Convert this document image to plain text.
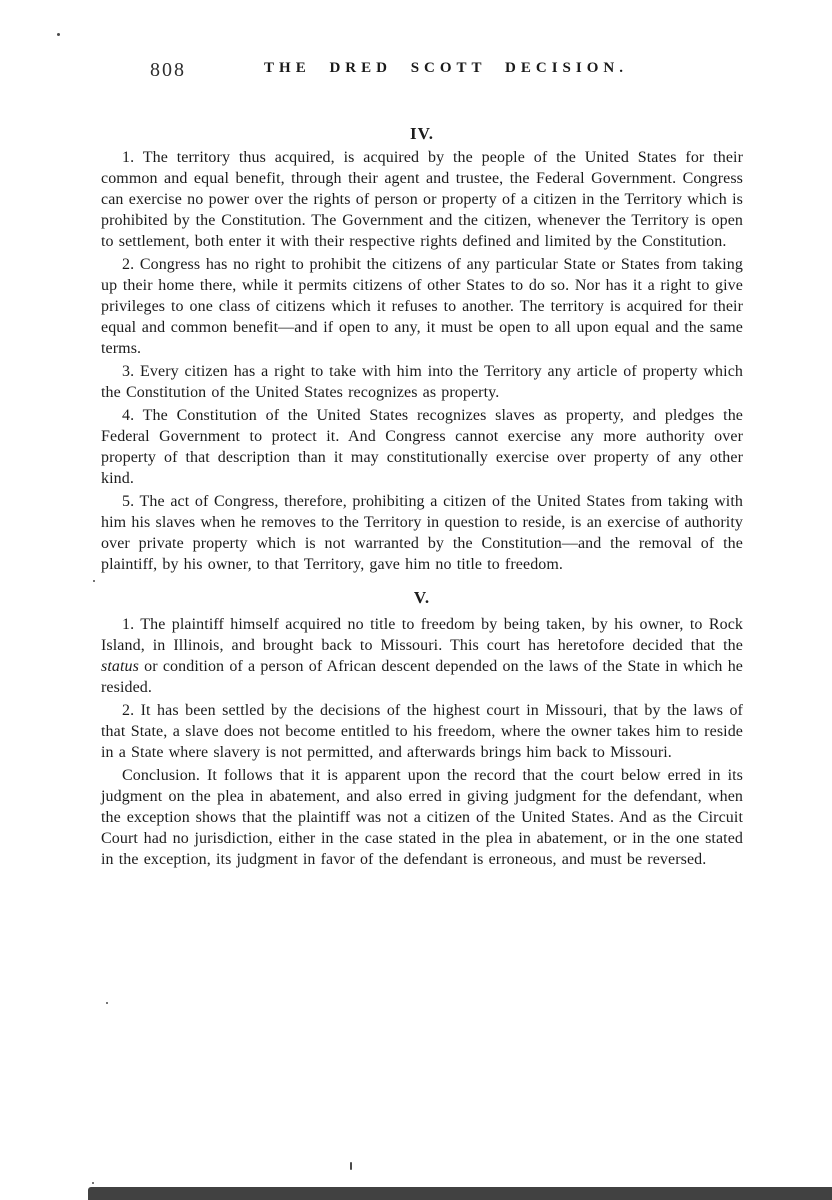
808	THE DRED SCOTT DECISION.
IV.

1. The territory thus acquired, is acquired by the people of the United States for their common and equal benefit, through their agent and trustee, the Federal Government. Congress can exercise no power over the rights of person or property of a citizen in the Territory which is prohibited by the Constitution. The Government and the citizen, whenever the Territory is open to settlement, both enter it with their respective rights defined and limited by the Constitution.

2. Congress has no right to prohibit the citizens of any particular State or States from taking up their home there, while it permits citizens of other States to do so. Nor has it a right to give privileges to one class of citizens which it refuses to another. The territory is acquired for their equal and common benefit—and if open to any, it must be open to all upon equal and the same terms.

3. Every citizen has a right to take with him into the Territory any article of property which the Constitution of the United States recognizes as property.

4. The Constitution of the United States recognizes slaves as property, and pledges the Federal Government to protect it. And Congress cannot exercise any more authority over property of that description than it may constitutionally exercise over property of any other kind.

5. The act of Congress, therefore, prohibiting a citizen of the United States from taking with him his slaves when he removes to the Territory in question to reside, is an exercise of authority over private property which is not warranted by the Constitution—and the removal of the plaintiff, by his owner, to that Territory, gave him no title to freedom.

V.

1. The plaintiff himself acquired no title to freedom by being taken, by his owner, to Rock Island, in Illinois, and brought back to Missouri. This court has heretofore decided that the status or condition of a person of African descent depended on the laws of the State in which he resided.

2. It has been settled by the decisions of the highest court in Missouri, that by the laws of that State, a slave does not become entitled to his freedom, where the owner takes him to reside in a State where slavery is not permitted, and afterwards brings him back to Missouri.

Conclusion. It follows that it is apparent upon the record that the court below erred in its judgment on the plea in abatement, and also erred in giving judgment for the defendant, when the exception shows that the plaintiff was not a citizen of the United States. And as the Circuit Court had no jurisdiction, either in the case stated in the plea in abatement, or in the one stated in the exception, its judgment in favor of the defendant is erroneous, and must be reversed.
